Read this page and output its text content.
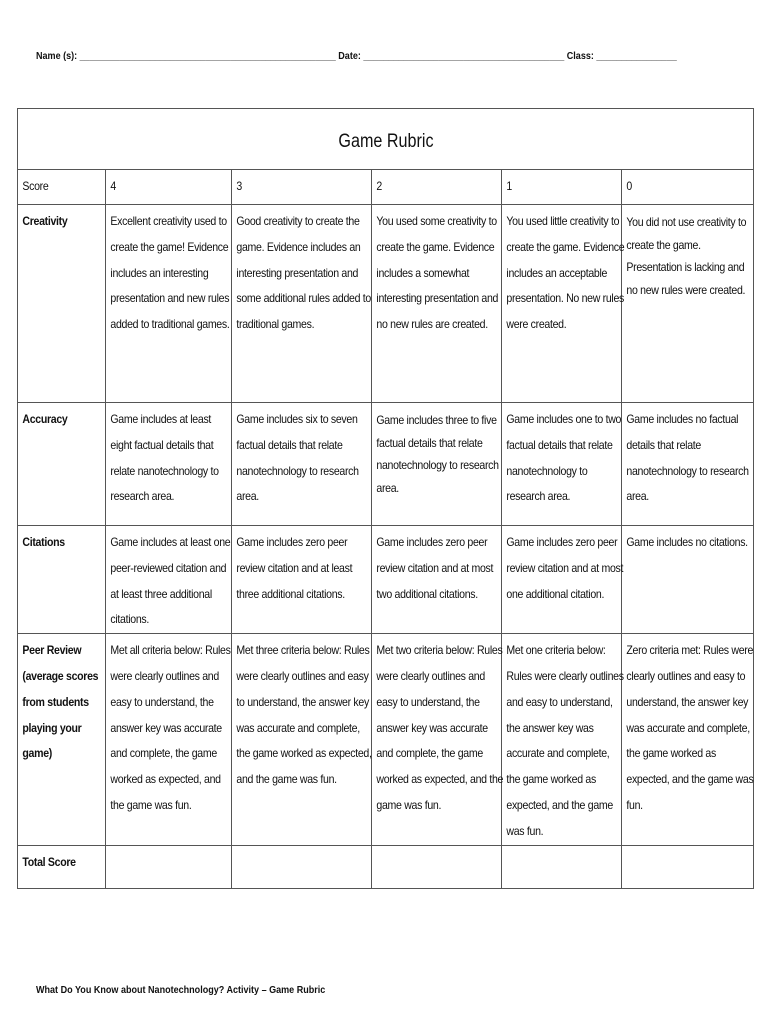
Name (s): ___________________________________________________ Date: ________________________________________ Class: ________________
Game Rubric					

Score	4	3	2	1	0

Creativity	Excellent creativity used to create the game! Evidence includes an interesting presentation and new rules added to traditional games.	Good creativity to create the game. Evidence includes an interesting presentation and some additional rules added to traditional games.	You used some creativity to create the game. Evidence includes a somewhat interesting presentation and no new rules are created.	You used little creativity to create the game. Evidence includes an acceptable presentation. No new rules were created.	You did not use creativity to create the game. Presentation is lacking and no new rules were created.

Accuracy	Game includes at least eight factual details that relate nanotechnology to research area.	Game includes six to seven factual details that relate nanotechnology to research area.	Game includes three to five factual details that relate nanotechnology to research area.	Game includes one to two factual details that relate nanotechnology to research area.	Game includes no factual details that relate nanotechnology to research area.

Citations	Game includes at least one peer-reviewed citation and at least three additional citations.	Game includes zero peer review citation and at least three additional citations.	Game includes zero peer review citation and at most two additional citations.	Game includes zero peer review citation and at most one additional citation.	Game includes no citations.

Peer Review (average scores from students playing your game)	Met all criteria below: Rules were clearly outlines and easy to understand, the answer key was accurate and complete, the game worked as expected, and the game was fun.	Met three criteria below: Rules were clearly outlines and easy to understand, the answer key was accurate and complete, the game worked as expected, and the game was fun.	Met two criteria below: Rules were clearly outlines and easy to understand, the answer key was accurate and complete, the game worked as expected, and the game was fun.	Met one criteria below: Rules were clearly outlines and easy to understand, the answer key was accurate and complete, the game worked as expected, and the game was fun.	Zero criteria met: Rules were clearly outlines and easy to understand, the answer key was accurate and complete, the game worked as expected, and the game was fun.

Total Score					

What Do You Know about Nanotechnology? Activity – Game Rubric
